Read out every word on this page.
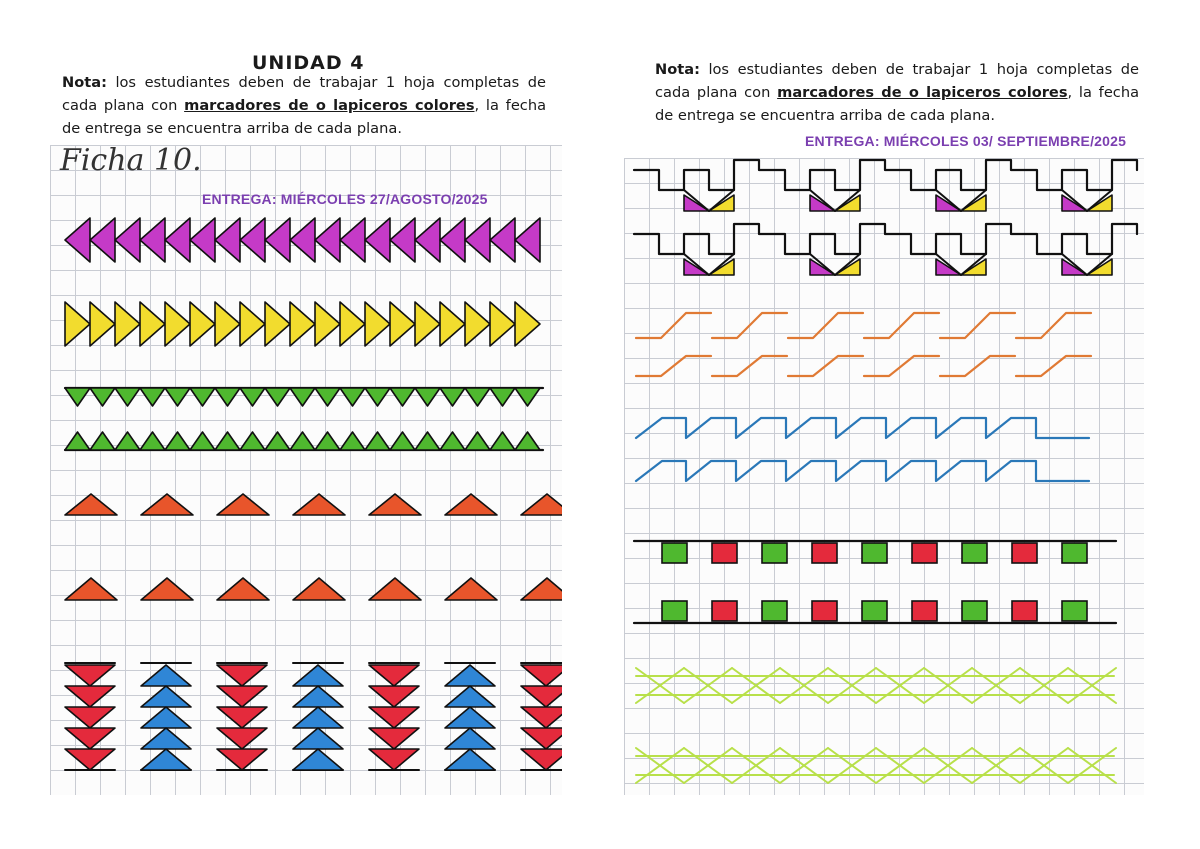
UNIDAD 4
Nota: los estudiantes deben de trabajar 1 hoja completas de cada plana con marcadores de o lapiceros colores, la fecha de entrega se encuentra arriba de cada plana.
Nota: los estudiantes deben de trabajar 1 hoja completas de cada plana con marcadores de o lapiceros colores, la fecha de entrega se encuentra arriba de cada plana.
Ficha 10.
ENTREGA: MIÉRCOLES 27/AGOSTO/2025
ENTREGA: MIÉRCOLES 03/ SEPTIEMBRE/2025
